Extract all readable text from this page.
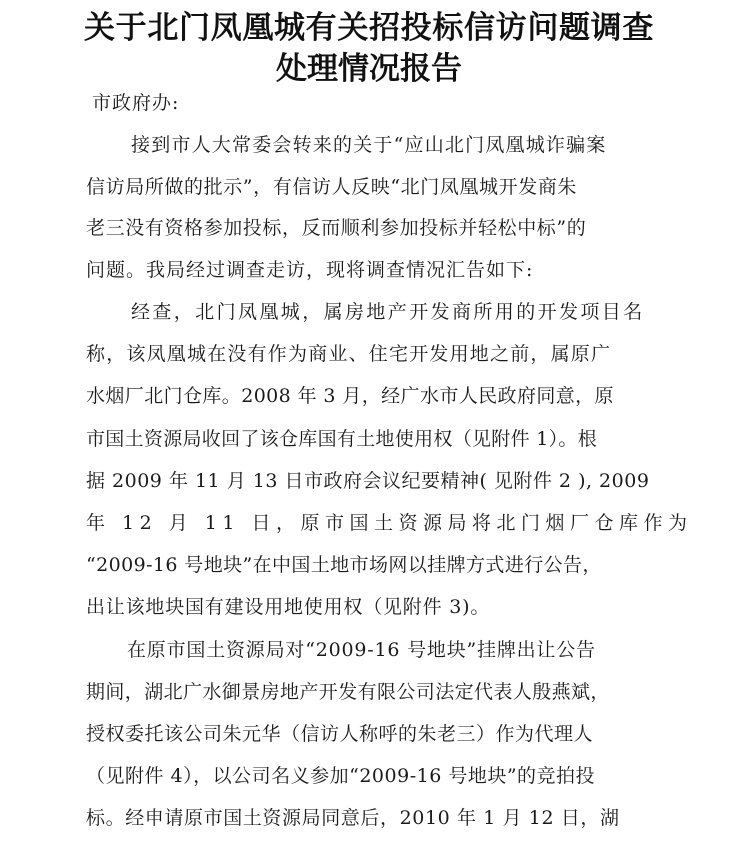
关于北门凤凰城有关招投标信访问题调查
处理情况报告
市政府办:
接到市人大常委会转来的关于“应山北门凤凰城诈骗案
信访局所做的批示”，有信访人反映“北门凤凰城开发商朱
老三没有资格参加投标，反而顺利参加投标并轻松中标”的
问题。我局经过调查走访，现将调查情况汇告如下:
经查，北门凤凰城，属房地产开发商所用的开发项目名
称，该凤凰城在没有作为商业、住宅开发用地之前，属原广
水烟厂北门仓库。2008 年 3 月，经广水市人民政府同意，原
市国土资源局收回了该仓库国有土地使用权（见附件 1）。根
据 2009 年 11 月 13 日市政府会议纪要精神( 见附件 2 ), 2009
年 12 月 11 日，原市国土资源局将北门烟厂仓库作为
“2009-16 号地块”在中国土地市场网以挂牌方式进行公告，
出让该地块国有建设用地使用权（见附件 3)。
在原市国土资源局对“2009-16 号地块”挂牌出让公告
期间，湖北广水御景房地产开发有限公司法定代表人殷燕斌，
授权委托该公司朱元华（信访人称呼的朱老三）作为代理人
（见附件 4），以公司名义参加“2009-16 号地块”的竞拍投
标。经申请原市国土资源局同意后，2010 年 1 月 12 日，湖
